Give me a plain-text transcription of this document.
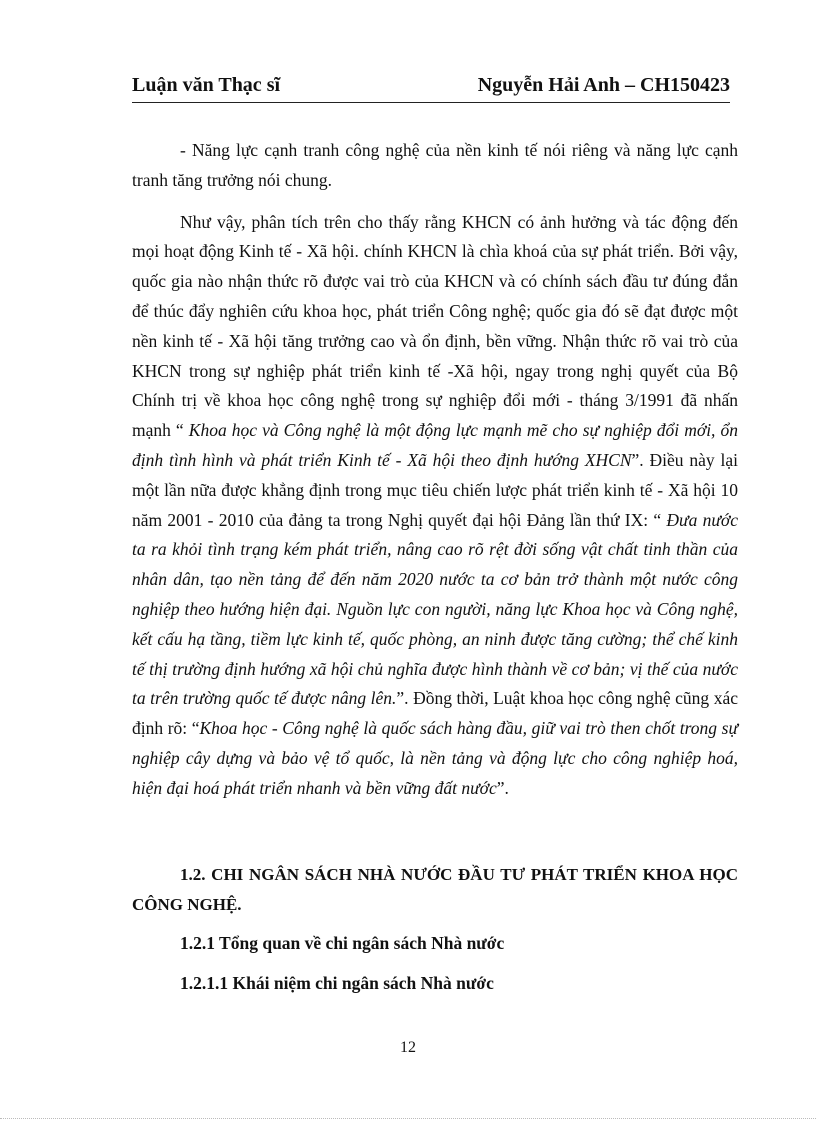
Luận văn Thạc sĩ	Nguyễn Hải Anh – CH150423

- Năng lực cạnh tranh công nghệ của nền kinh tế nói riêng và năng lực cạnh tranh tăng trưởng nói chung.

Như vậy, phân tích trên cho thấy rằng KHCN có ảnh hưởng và tác động đến mọi hoạt động Kinh tế - Xã hội. chính KHCN là chìa khoá của sự phát triển. Bởi vậy, quốc gia nào nhận thức rõ được vai trò của KHCN và có chính sách đầu tư đúng đắn để thúc đẩy nghiên cứu khoa học, phát triển Công nghệ; quốc gia đó sẽ đạt được một nền kinh tế - Xã hội tăng trưởng cao và ổn định, bền vững. Nhận thức rõ vai trò của KHCN trong sự nghiệp phát triển kinh tế -Xã hội, ngay trong nghị quyết của Bộ Chính trị về khoa học công nghệ trong sự nghiệp đổi mới - tháng 3/1991 đã nhấn mạnh “ Khoa học và Công nghệ là một động lực mạnh mẽ cho sự nghiệp đổi mới, ổn định tình hình và phát triển Kinh tế - Xã hội theo định hướng XHCN”. Điều này lại một lần nữa được khẳng định trong mục tiêu chiến lược phát triển kinh tế - Xã hội 10 năm 2001 - 2010 của đảng ta trong Nghị quyết đại hội Đảng lần thứ IX: “ Đưa nước ta ra khỏi tình trạng kém phát triển, nâng cao rõ rệt đời sống vật chất tinh thần của nhân dân, tạo nền tảng để đến năm 2020 nước ta cơ bản trở thành một nước công nghiệp theo hướng hiện đại. Nguồn lực con người, năng lực Khoa học và Công nghệ, kết cấu hạ tầng, tiềm lực kinh tế, quốc phòng, an ninh được tăng cường; thể chế kinh tế thị trường định hướng xã hội chủ nghĩa được hình thành về cơ bản; vị thế của nước ta trên trường quốc tế được nâng lên.”. Đồng thời, Luật khoa học công nghệ cũng xác định rõ: “Khoa học - Công nghệ là quốc sách hàng đầu, giữ vai trò then chốt trong sự nghiệp cây dựng và bảo vệ tổ quốc, là nền tảng và động lực cho công nghiệp hoá, hiện đại hoá phát triển nhanh và bền vững đất nước”.

1.2. CHI NGÂN SÁCH NHÀ NƯỚC ĐẦU TƯ PHÁT TRIỂN KHOA HỌC CÔNG NGHỆ.
1.2.1 Tổng quan về chi ngân sách Nhà nước
1.2.1.1 Khái niệm chi ngân sách Nhà nước
12
